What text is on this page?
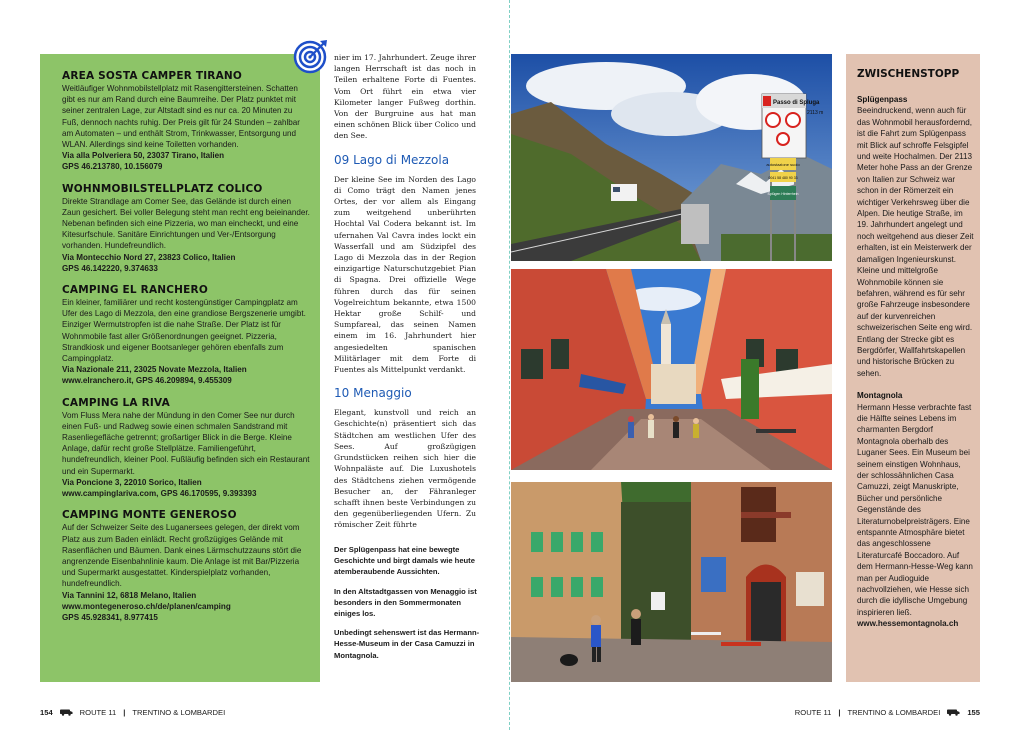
AREA SOSTA CAMPER TIRANO

Weitläufiger Wohnmobilstellplatz mit Rasengittersteinen. Schatten gibt es nur am Rand durch eine Baumreihe. Der Platz punktet mit seiner zentralen Lage, zur Altstadt sind es nur ca. 20 Minuten zu Fuß, dennoch nachts ruhig. Der Preis gilt für 24 Stunden – zahlbar am Automaten – und enthält Strom, Trinkwasser, Entsorgung und WLAN. Allerdings sind keine Toiletten vorhanden.

Via alla Polveriera 50, 23037 Tirano, Italien

GPS 46.213780, 10.156079

WOHNMOBILSTELLPLATZ COLICO

Direkte Strandlage am Comer See, das Gelände ist durch einen Zaun gesichert. Bei voller Belegung steht man recht eng beieinander. Nebenan befinden sich eine Pizzeria, wo man eincheckt, und eine Kitesurfschule. Sanitäre Einrichtungen und Ver-/Entsorgung vorhanden. Hundefreundlich.

Via Montecchio Nord 27, 23823 Colico, Italien

GPS 46.142220, 9.374633

CAMPING EL RANCHERO

Ein kleiner, familiärer und recht kostengünstiger Campingplatz am Ufer des Lago di Mezzola, den eine grandiose Bergszenerie umgibt. Einziger Wermutstropfen ist die nahe Straße. Der Platz ist für Wohnmobile fast aller Größenordnungen geeignet. Pizzeria, Strandkiosk und eigener Bootsanleger gehören ebenfalls zum Campingplatz.

Via Nazionale 211, 23025 Novate Mezzola, Italien

www.elranchero.it, GPS 46.209894, 9.455309

CAMPING LA RIVA

Vom Fluss Mera nahe der Mündung in den Comer See nur durch einen Fuß- und Radweg sowie einen schmalen Sandstrand mit Rasenliegefläche getrennt; großartiger Blick in die Berge. Kleine Anlage, dafür recht große Stellplätze. Familiengeführt, hundefreundlich, kleiner Pool. Fußläufig befinden sich ein Restaurant und ein Supermarkt.

Via Poncione 3, 22010 Sorico, Italien

www.campinglariva.com, GPS 46.170595, 9.393393

CAMPING MONTE GENEROSO

Auf der Schweizer Seite des Luganersees gelegen, der direkt vom Platz aus zum Baden einlädt. Recht großzügiges Gelände mit Rasenflächen und Bäumen. Dank eines Lärmschutzzauns stört die angrenzende Eisenbahnlinie kaum. Die Anlage ist mit Bar/Pizzeria und Supermarkt ausgestattet. Kinderspielplatz vorhanden, hundefreundlich.

Via Tannini 12, 6818 Melano, Italien

www.montegeneroso.ch/de/planen/camping

GPS 45.928341, 8.977415

nier im 17. Jahrhundert. Zeuge ihrer langen Herrschaft ist das noch in Teilen erhaltene Forte di Fuentes. Vom Ort führt ein etwa vier Kilometer langer Fußweg dorthin. Von der Burgruine aus hat man einen schönen Blick über Colico und den See.

09 Lago di Mezzola

Der kleine See im Norden des Lago di Como trägt den Namen jenes Ortes, der vor allem als Eingang zum weitgehend unberührten Hochtal Val Codera bekannt ist. Im ufernahen Val Cavra indes lockt ein Wasserfall und am Südzipfel des Lago di Mezzola das in der Region einzigartige Naturschutzgebiet Pian di Spagna. Drei offizielle Wege führen durch das für seinen Vogelreichtum bekannte, etwa 1500 Hektar große Schilf- und Sumpfareal, das seinen Namen einem im 16. Jahrhundert hier angesiedelten spanischen Militärlager mit dem Forte di Fuentes als Mittelpunkt verdankt.

10 Menaggio

Elegant, kunstvoll und reich an Geschichte(n) präsentiert sich das Städtchen am westlichen Ufer des Sees. Auf großzügigen Grundstücken reihen sich hier die Wohnpaläste auf. Die Luxushotels des Städtchens ziehen vermögende Besucher an, der Fähranleger schafft ihnen beste Verbindungen zu den gegenüberliegenden Ufern. Zu römischer Zeit führte

Der Splügenpass hat eine bewegte Geschichte und birgt damals wie heute atemberaubende Aussichten.

In den Altstadtgassen von Menaggio ist besonders in den Sommermonaten einiges los.

Unbedingt sehenswert ist das Hermann-Hesse-Museum in der Casa Camuzzi in Montagnola.

Passo di Spluga
autostazione suolo
0041 58 480 90 33
Splügen Hinterrhein
2113 m
ZWISCHENSTOPP
Splügenpass

Beeindruckend, wenn auch für das Wohnmobil herausfordernd, ist die Fahrt zum Splügenpass mit Blick auf schroffe Felsgipfel und weite Hochalmen. Der 2113 Meter hohe Pass an der Grenze von Italien zur Schweiz war schon in der Römerzeit ein wichtiger Verkehrsweg über die Alpen. Die heutige Straße, im 19. Jahrhundert angelegt und noch weitgehend aus dieser Zeit erhalten, ist ein Meisterwerk der damaligen Ingenieurskunst. Kleine und mittelgroße Wohnmobile können sie befahren, während es für sehr große Fahrzeuge insbesondere auf der kurvenreichen schweizerischen Seite eng wird. Entlang der Strecke gibt es Bergdörfer, Wallfahrtskapellen und historische Brücken zu sehen.

Montagnola

Hermann Hesse verbrachte fast die Hälfte seines Lebens im charmanten Bergdorf Montagnola oberhalb des Luganer Sees. Ein Museum bei seinem einstigen Wohnhaus, der schlossähnlichen Casa Camuzzi, zeigt Manuskripte, Bücher und persönliche Gegenstände des Literaturnobelpreisträgers. Eine entspannte Atmosphäre bietet das angeschlossene Literaturcafé Boccadoro. Auf dem Hermann-Hesse-Weg kann man per Audioguide nachvollziehen, wie Hesse sich durch die idyllische Umgebung inspirieren ließ.

www.hessemontagnola.ch

154	ROUTE 11 | TRENTINO & LOMBARDEI	ROUTE 11 | TRENTINO & LOMBARDEI	155
